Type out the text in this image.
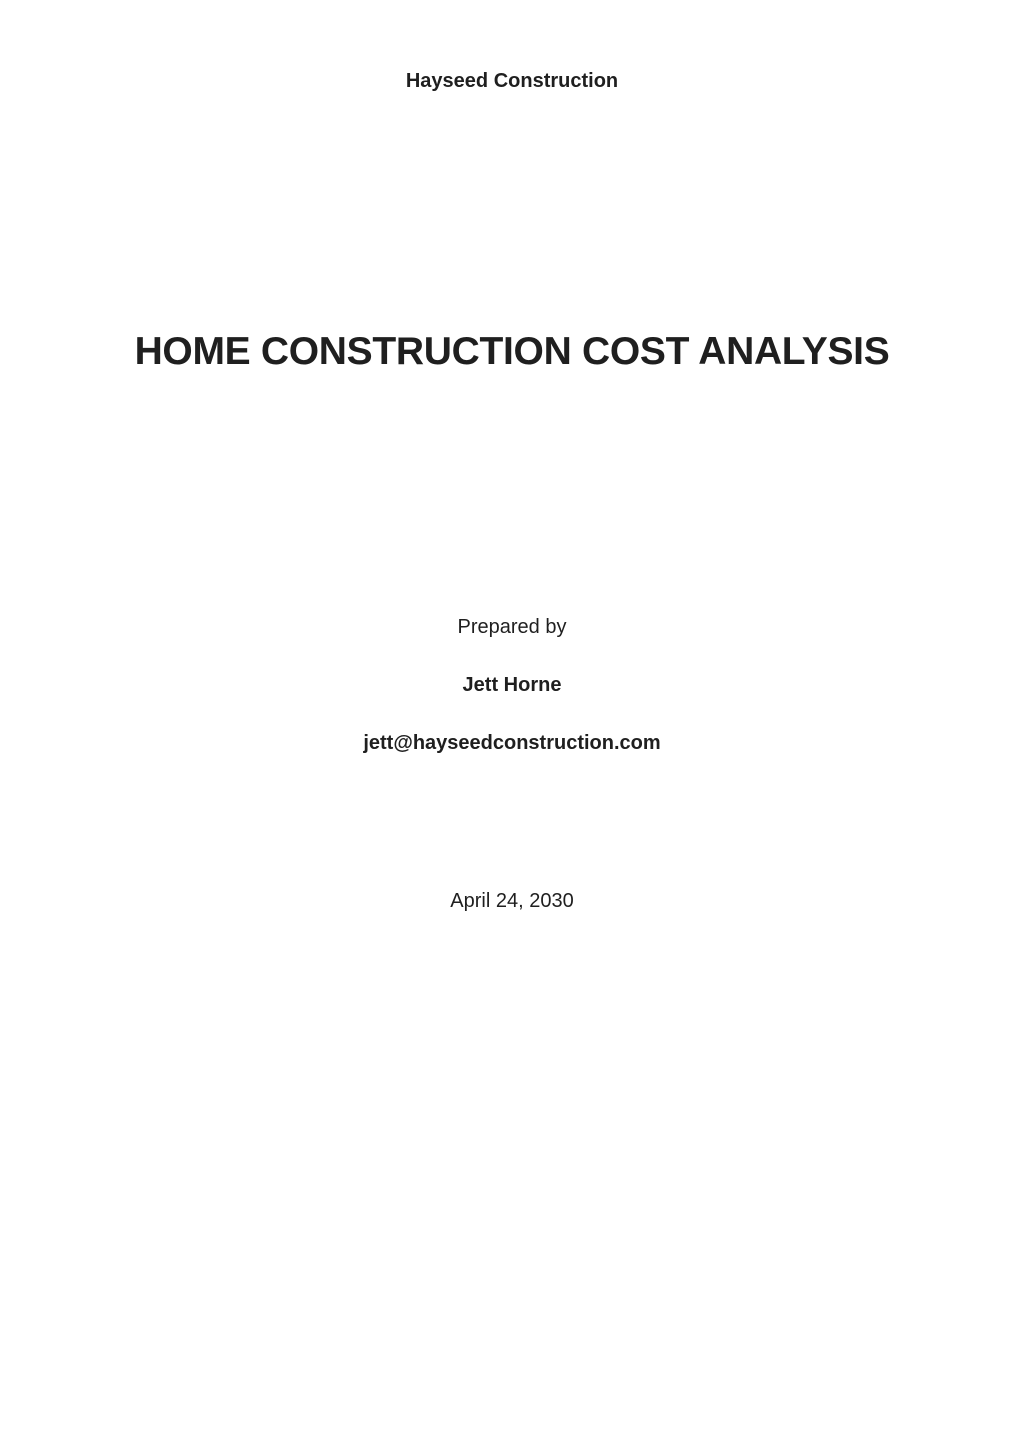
Hayseed Construction
HOME CONSTRUCTION COST ANALYSIS
Prepared by
Jett Horne
jett@hayseedconstruction.com
April 24, 2030
